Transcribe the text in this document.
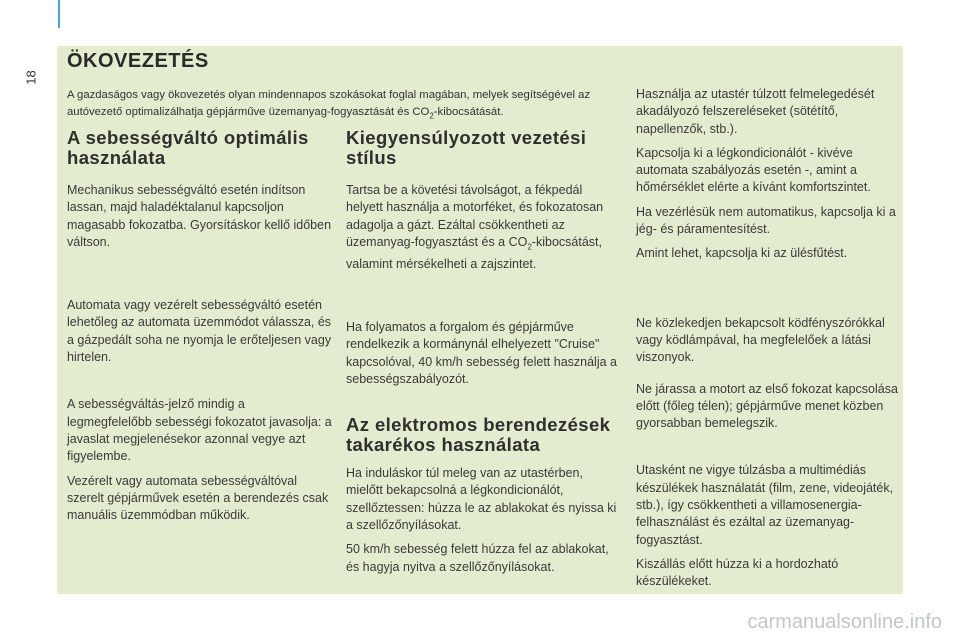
18
ÖKOVEZETÉS

A gazdaságos vagy ökovezetés olyan mindennapos szokásokat foglal magában, melyek segítségével az autóvezető optimalizálhatja gépjárműve üzemanyag-fogyasztását és $CO_2$-kibocsátását.

A sebességváltó optimális használata

Mechanikus sebességváltó esetén indítson lassan, majd haladéktalanul kapcsoljon magasabb fokozatba. Gyorsításkor kellő időben váltson.

Automata vagy vezérelt sebességváltó esetén lehetőleg az automata üzemmódot válassza, és a gázpedált soha ne nyomja le erőteljesen vagy hirtelen.

A sebességváltás-jelző mindig a legmegfelelőbb sebességi fokozatot javasolja: a javaslat megjelenésekor azonnal vegye azt figyelembe.

Vezérelt vagy automata sebességváltóval szerelt gépjárművek esetén a berendezés csak manuális üzemmódban működik.

Kiegyensúlyozott vezetési stílus

Tartsa be a követési távolságot, a fékpedál helyett használja a motorféket, és fokozatosan adagolja a gázt. Ezáltal csökkentheti az üzemanyag-fogyasztást és a $CO_2$-kibocsátást, valamint mérsékelheti a zajszintet.

Ha folyamatos a forgalom és gépjárműve rendelkezik a kormánynál elhelyezett "Cruise" kapcsolóval, 40 km/h sebesség felett használja a sebességszabályozót.

Az elektromos berendezések takarékos használata

Ha induláskor túl meleg van az utastérben, mielőtt bekapcsolná a légkondicionálót, szellőztessen: húzza le az ablakokat és nyissa ki a szellőzőnyílásokat.

50 km/h sebesség felett húzza fel az ablakokat, és hagyja nyitva a szellőzőnyílásokat.

Használja az utastér túlzott felmelegedését akadályozó felszereléseket (sötétítő, napellenzők, stb.).

Kapcsolja ki a légkondicionálót - kivéve automata szabályozás esetén -, amint a hőmérséklet elérte a kívánt komfortszintet.

Ha vezérlésük nem automatikus, kapcsolja ki a jég- és páramentesítést.

Amint lehet, kapcsolja ki az ülésfűtést.

Ne közlekedjen bekapcsolt ködfényszórókkal vagy ködlámpával, ha megfelelőek a látási viszonyok.

Ne járassa a motort az első fokozat kapcsolása előtt (főleg télen); gépjárműve menet közben gyorsabban bemelegszik.

Utasként ne vigye túlzásba a multimédiás készülékek használatát (film, zene, videojáték, stb.), így csökkentheti a villamosenergia-felhasználást és ezáltal az üzemanyag-fogyasztást.

Kiszállás előtt húzza ki a hordozható készülékeket.

carmanualsonline.info
